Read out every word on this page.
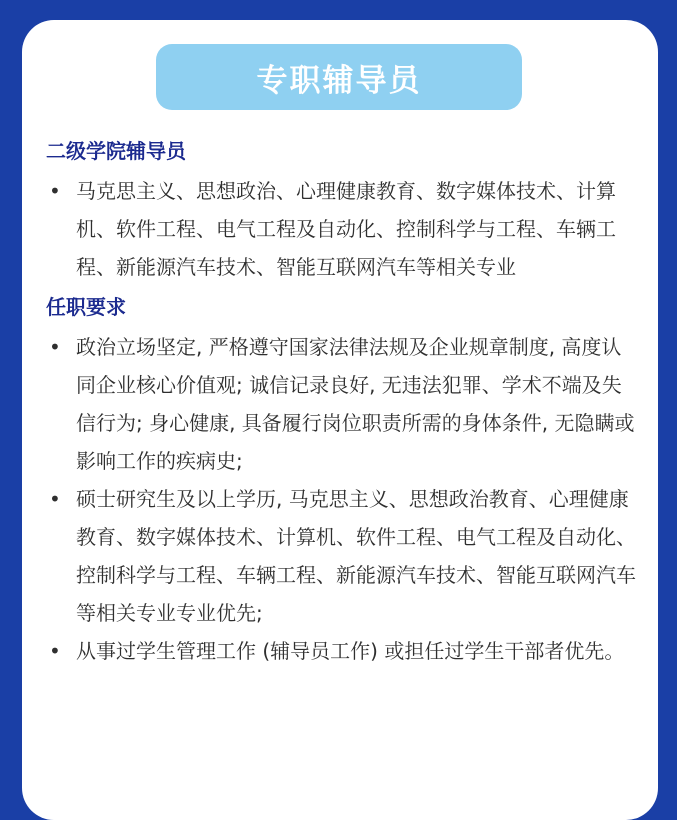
专职辅导员
二级学院辅导员
• 马克思主义、思想政治、心理健康教育、数字媒体技术、计算机、软件工程、电气工程及自动化、控制科学与工程、车辆工程、新能源汽车技术、智能互联网汽车等相关专业
任职要求
• 政治立场坚定, 严格遵守国家法律法规及企业规章制度, 高度认同企业核心价值观; 诚信记录良好, 无违法犯罪、学术不端及失信行为; 身心健康, 具备履行岗位职责所需的身体条件, 无隐瞒或影响工作的疾病史;
• 硕士研究生及以上学历, 马克思主义、思想政治教育、心理健康教育、数字媒体技术、计算机、软件工程、电气工程及自动化、控制科学与工程、车辆工程、新能源汽车技术、智能互联网汽车等相关专业专业优先;
• 从事过学生管理工作 (辅导员工作) 或担任过学生干部者优先。
